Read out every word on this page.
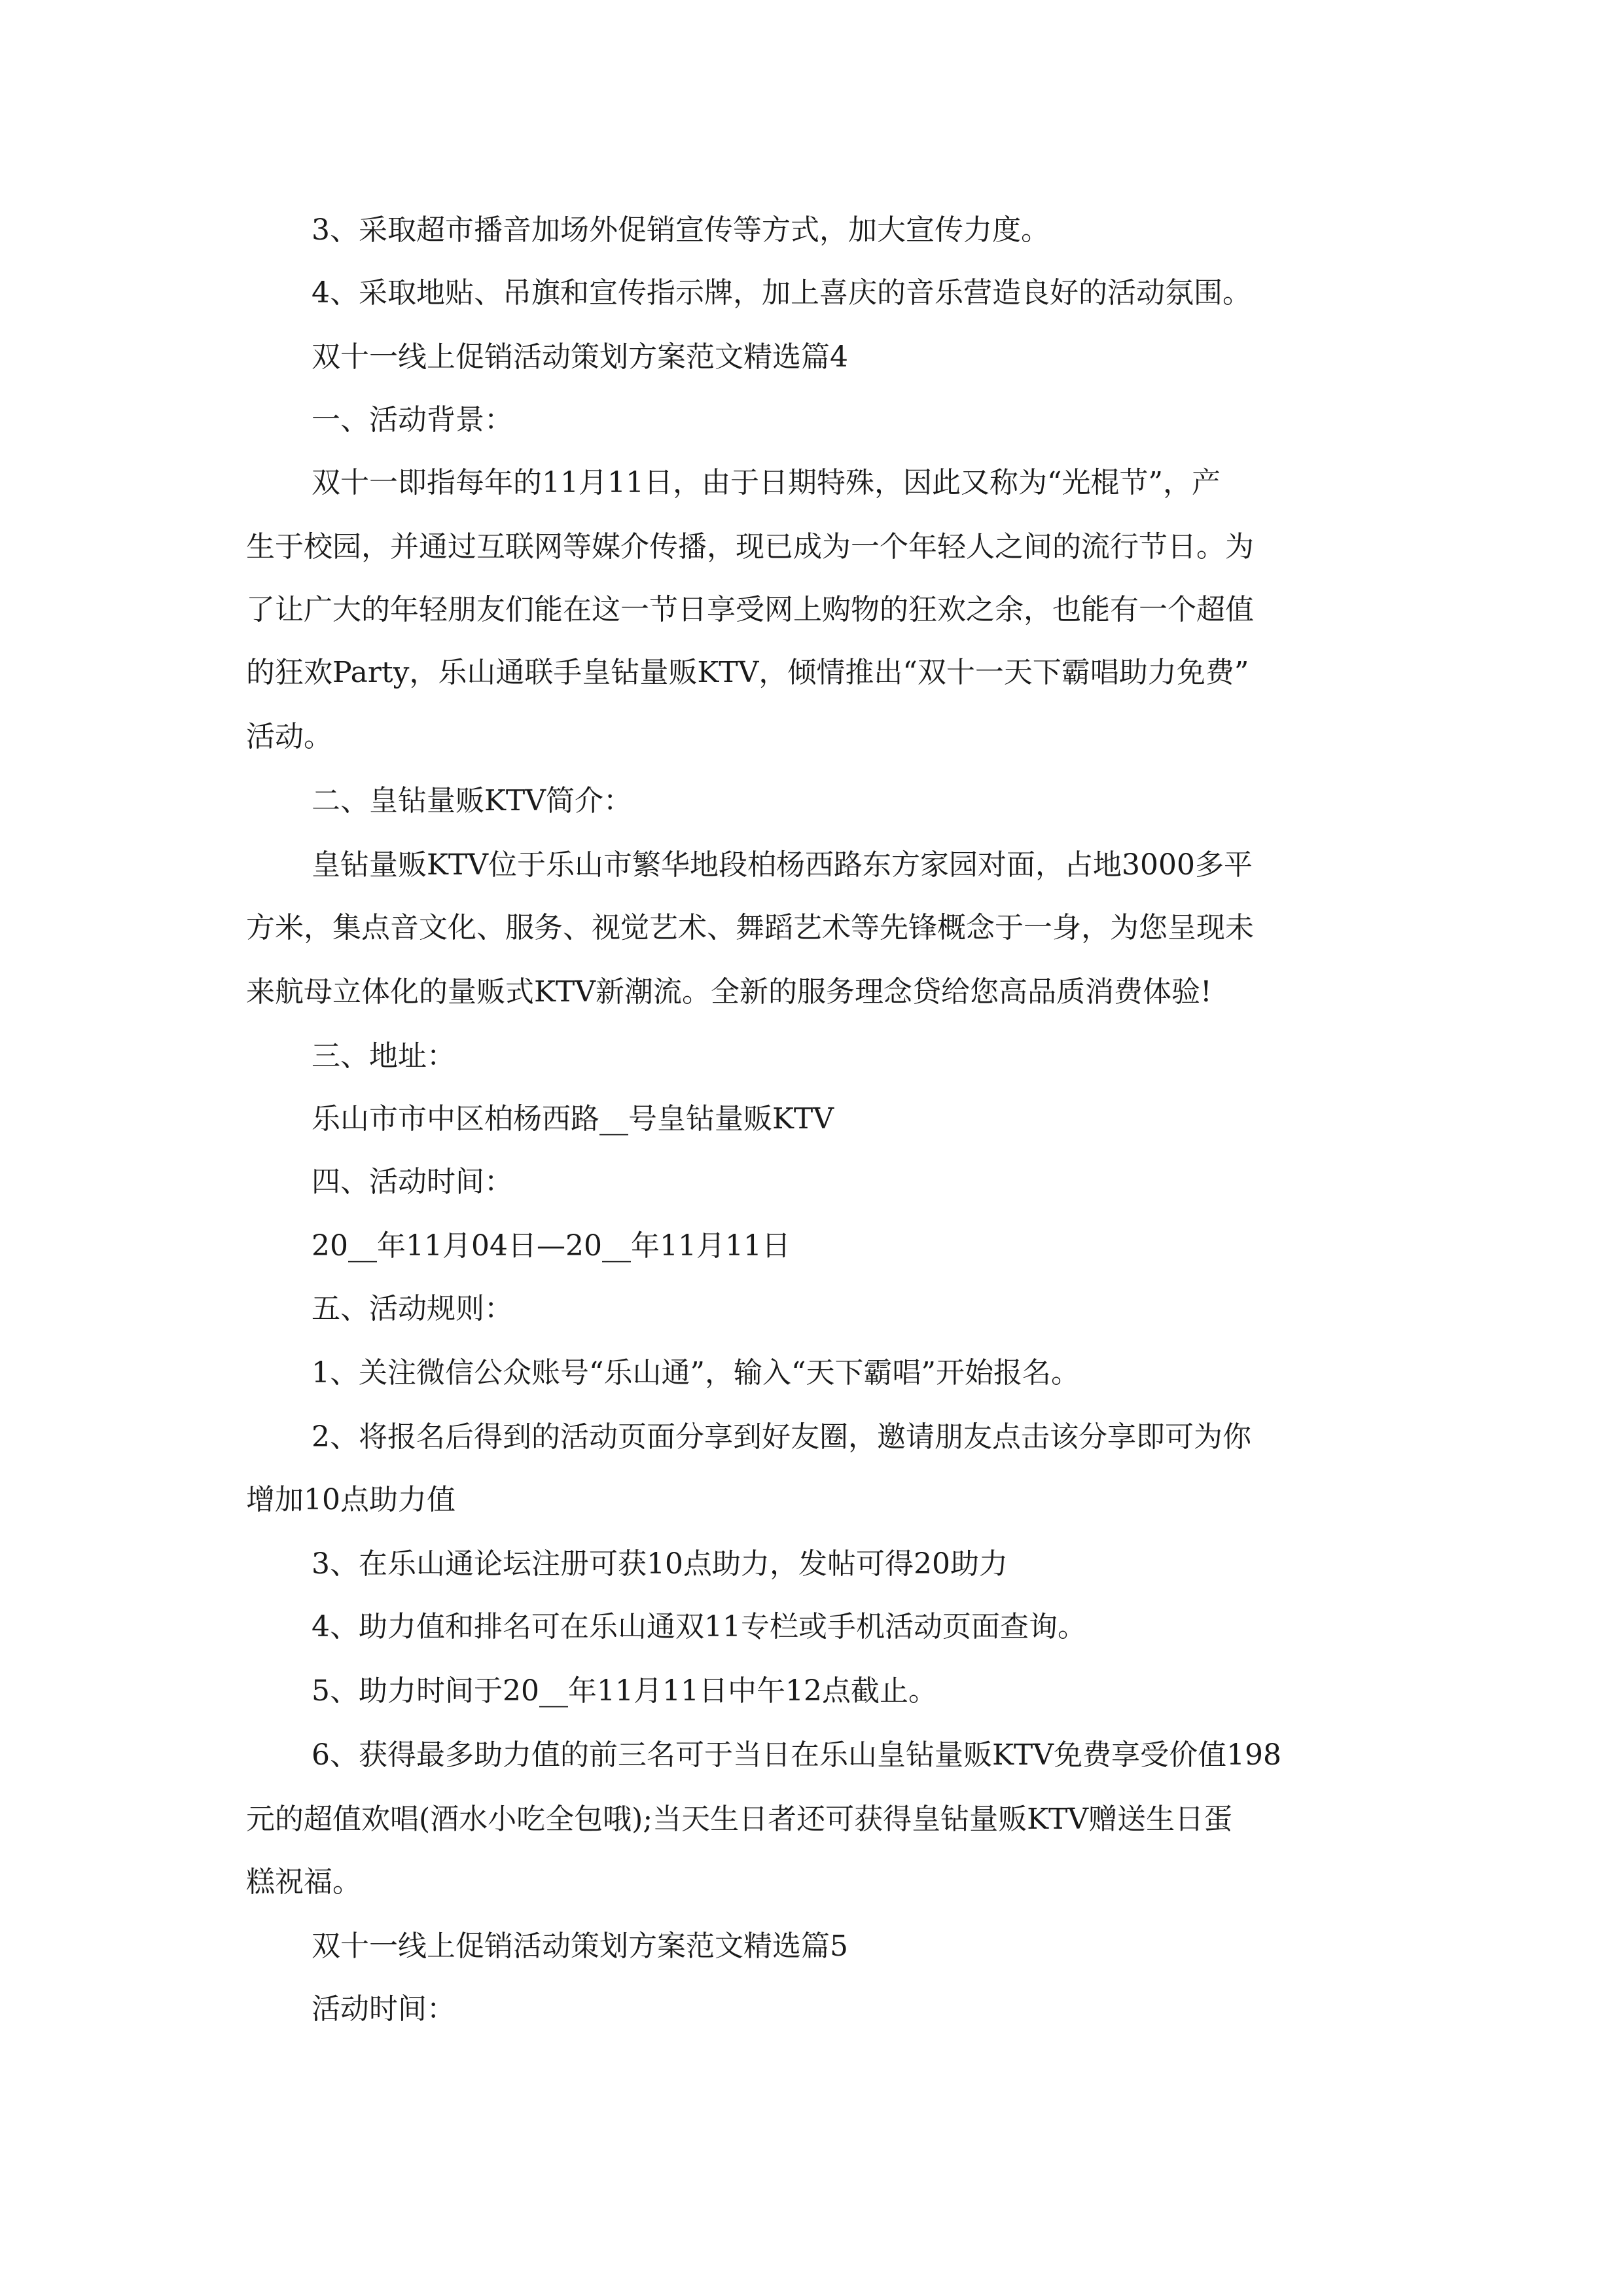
3、采取超市播音加场外促销宣传等方式，加大宣传力度。
4、采取地贴、吊旗和宣传指示牌，加上喜庆的音乐营造良好的活动氛围。
双十一线上促销活动策划方案范文精选篇4
一、活动背景：
双十一即指每年的11月11日，由于日期特殊，因此又称为“光棍节”，产
生于校园，并通过互联网等媒介传播，现已成为一个年轻人之间的流行节日。为
了让广大的年轻朋友们能在这一节日享受网上购物的狂欢之余，也能有一个超值
的狂欢Party，乐山通联手皇钻量贩KTV，倾情推出“双十一天下霸唱助力免费”
活动。
二、皇钻量贩KTV简介：
皇钻量贩KTV位于乐山市繁华地段柏杨西路东方家园对面，占地3000多平
方米，集点音文化、服务、视觉艺术、舞蹈艺术等先锋概念于一身，为您呈现未
来航母立体化的量贩式KTV新潮流。全新的服务理念贷给您高品质消费体验!
三、地址：
乐山市市中区柏杨西路__号皇钻量贩KTV
四、活动时间：
20__年11月04日—20__年11月11日
五、活动规则：
1、关注微信公众账号“乐山通”，输入“天下霸唱”开始报名。
2、将报名后得到的活动页面分享到好友圈，邀请朋友点击该分享即可为你
增加10点助力值
3、在乐山通论坛注册可获10点助力，发帖可得20助力
4、助力值和排名可在乐山通双11专栏或手机活动页面查询。
5、助力时间于20__年11月11日中午12点截止。
6、获得最多助力值的前三名可于当日在乐山皇钻量贩KTV免费享受价值198
元的超值欢唱(酒水小吃全包哦);当天生日者还可获得皇钻量贩KTV赠送生日蛋
糕祝福。
双十一线上促销活动策划方案范文精选篇5
活动时间：
